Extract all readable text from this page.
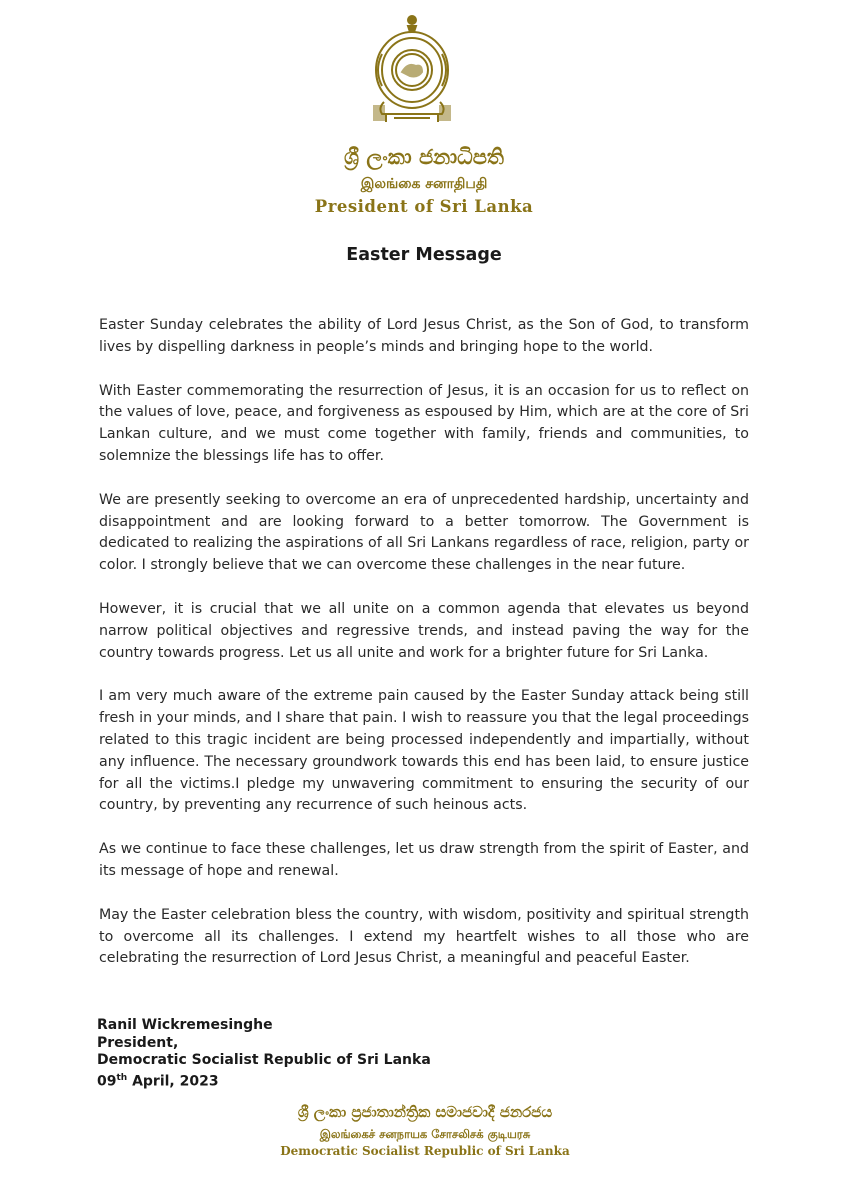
ශ්‍රී ලංකා ජනාධිපති
இலங்கை சனாதிபதி
President of Sri Lanka
Easter Message

Easter Sunday celebrates the ability of Lord Jesus Christ, as the Son of God, to transform lives by dispelling darkness in people’s minds and bringing hope to the world.

With Easter commemorating the resurrection of Jesus, it is an occasion for us to reflect on the values of love, peace, and forgiveness as espoused by Him, which are at the core of Sri Lankan culture, and we must come together with family, friends and communities, to solemnize the blessings life has to offer.

We are presently seeking to overcome an era of unprecedented hardship, uncertainty and disappointment and are looking forward to a better tomorrow. The Government is dedicated to realizing the aspirations of all Sri Lankans regardless of race, religion, party or color. I strongly believe that we can overcome these challenges in the near future.

However, it is crucial that we all unite on a common agenda that elevates us beyond narrow political objectives and regressive trends, and instead paving the way for the country towards progress. Let us all unite and work for a brighter future for Sri Lanka.

I am very much aware of the extreme pain caused by the Easter Sunday attack being still fresh in your minds, and I share that pain. I wish to reassure you that the legal proceedings related to this tragic incident are being processed independently and impartially, without any influence. The necessary groundwork towards this end has been laid, to ensure justice for all the victims.I pledge my unwavering commitment to ensuring the security of our country, by preventing any recurrence of such heinous acts.

As we continue to face these challenges, let us draw strength from the spirit of Easter, and its message of hope and renewal.

May the Easter celebration bless the country, with wisdom, positivity and spiritual strength to overcome all its challenges. I extend my heartfelt wishes to all those who are celebrating the resurrection of Lord Jesus Christ, a meaningful and peaceful Easter.

Ranil Wickremesinghe
President,
Democratic Socialist Republic of Sri Lanka
09th April, 2023
ශ්‍රී ලංකා ප්‍රජාතාන්ත්‍රික සමාජවාදී ජනරජය
இலங்கைச் சனநாயக சோசலிசக் குடியரசு
Democratic Socialist Republic of Sri Lanka
